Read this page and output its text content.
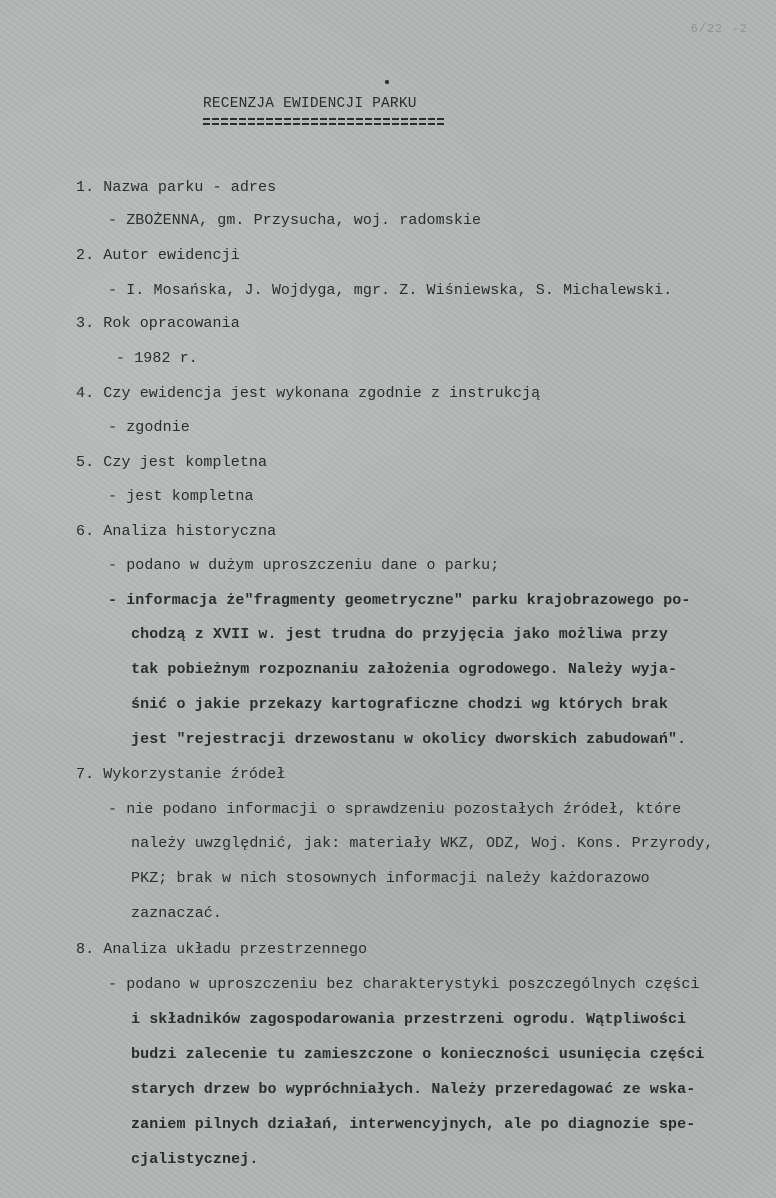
6/22 -2
RECENZJA EWIDENCJI PARKU
1. Nazwa parku - adres
- ZBOŻENNA, gm. Przysucha, woj. radomskie
2. Autor ewidencji
- I. Mosańska, J. Wojdyga, mgr. Z. Wiśniewska, S. Michalewski.
3. Rok opracowania
- 1982 r.
4. Czy ewidencja jest wykonana zgodnie z instrukcją
- zgodnie
5. Czy jest kompletna
- jest kompletna
6. Analiza historyczna
- podano w dużym uproszczeniu dane o parku;
- informacja że"fragmenty geometryczne" parku krajobrazowego po-
chodzą z XVII w. jest trudna do przyjęcia jako możliwa przy
tak pobieżnym rozpoznaniu założenia ogrodowego. Należy wyja-
śnić o jakie przekazy kartograficzne chodzi wg których brak
jest "rejestracji drzewostanu w okolicy dworskich zabudowań".
7. Wykorzystanie źródeł
- nie podano informacji o sprawdzeniu pozostałych źródeł, które
należy uwzględnić, jak: materiały WKZ, ODZ, Woj. Kons. Przyrody,
PKZ; brak w nich stosownych informacji należy każdorazowo
zaznaczać.
8. Analiza układu przestrzennego
- podano w uproszczeniu bez charakterystyki poszczególnych części
i składników zagospodarowania przestrzeni ogrodu. Wątpliwości
budzi zalecenie tu zamieszczone o konieczności usunięcia części
starych drzew bo wypróchniałych. Należy przeredagować ze wska-
zaniem pilnych działań, interwencyjnych, ale po diagnozie spe-
cjalistycznej.
